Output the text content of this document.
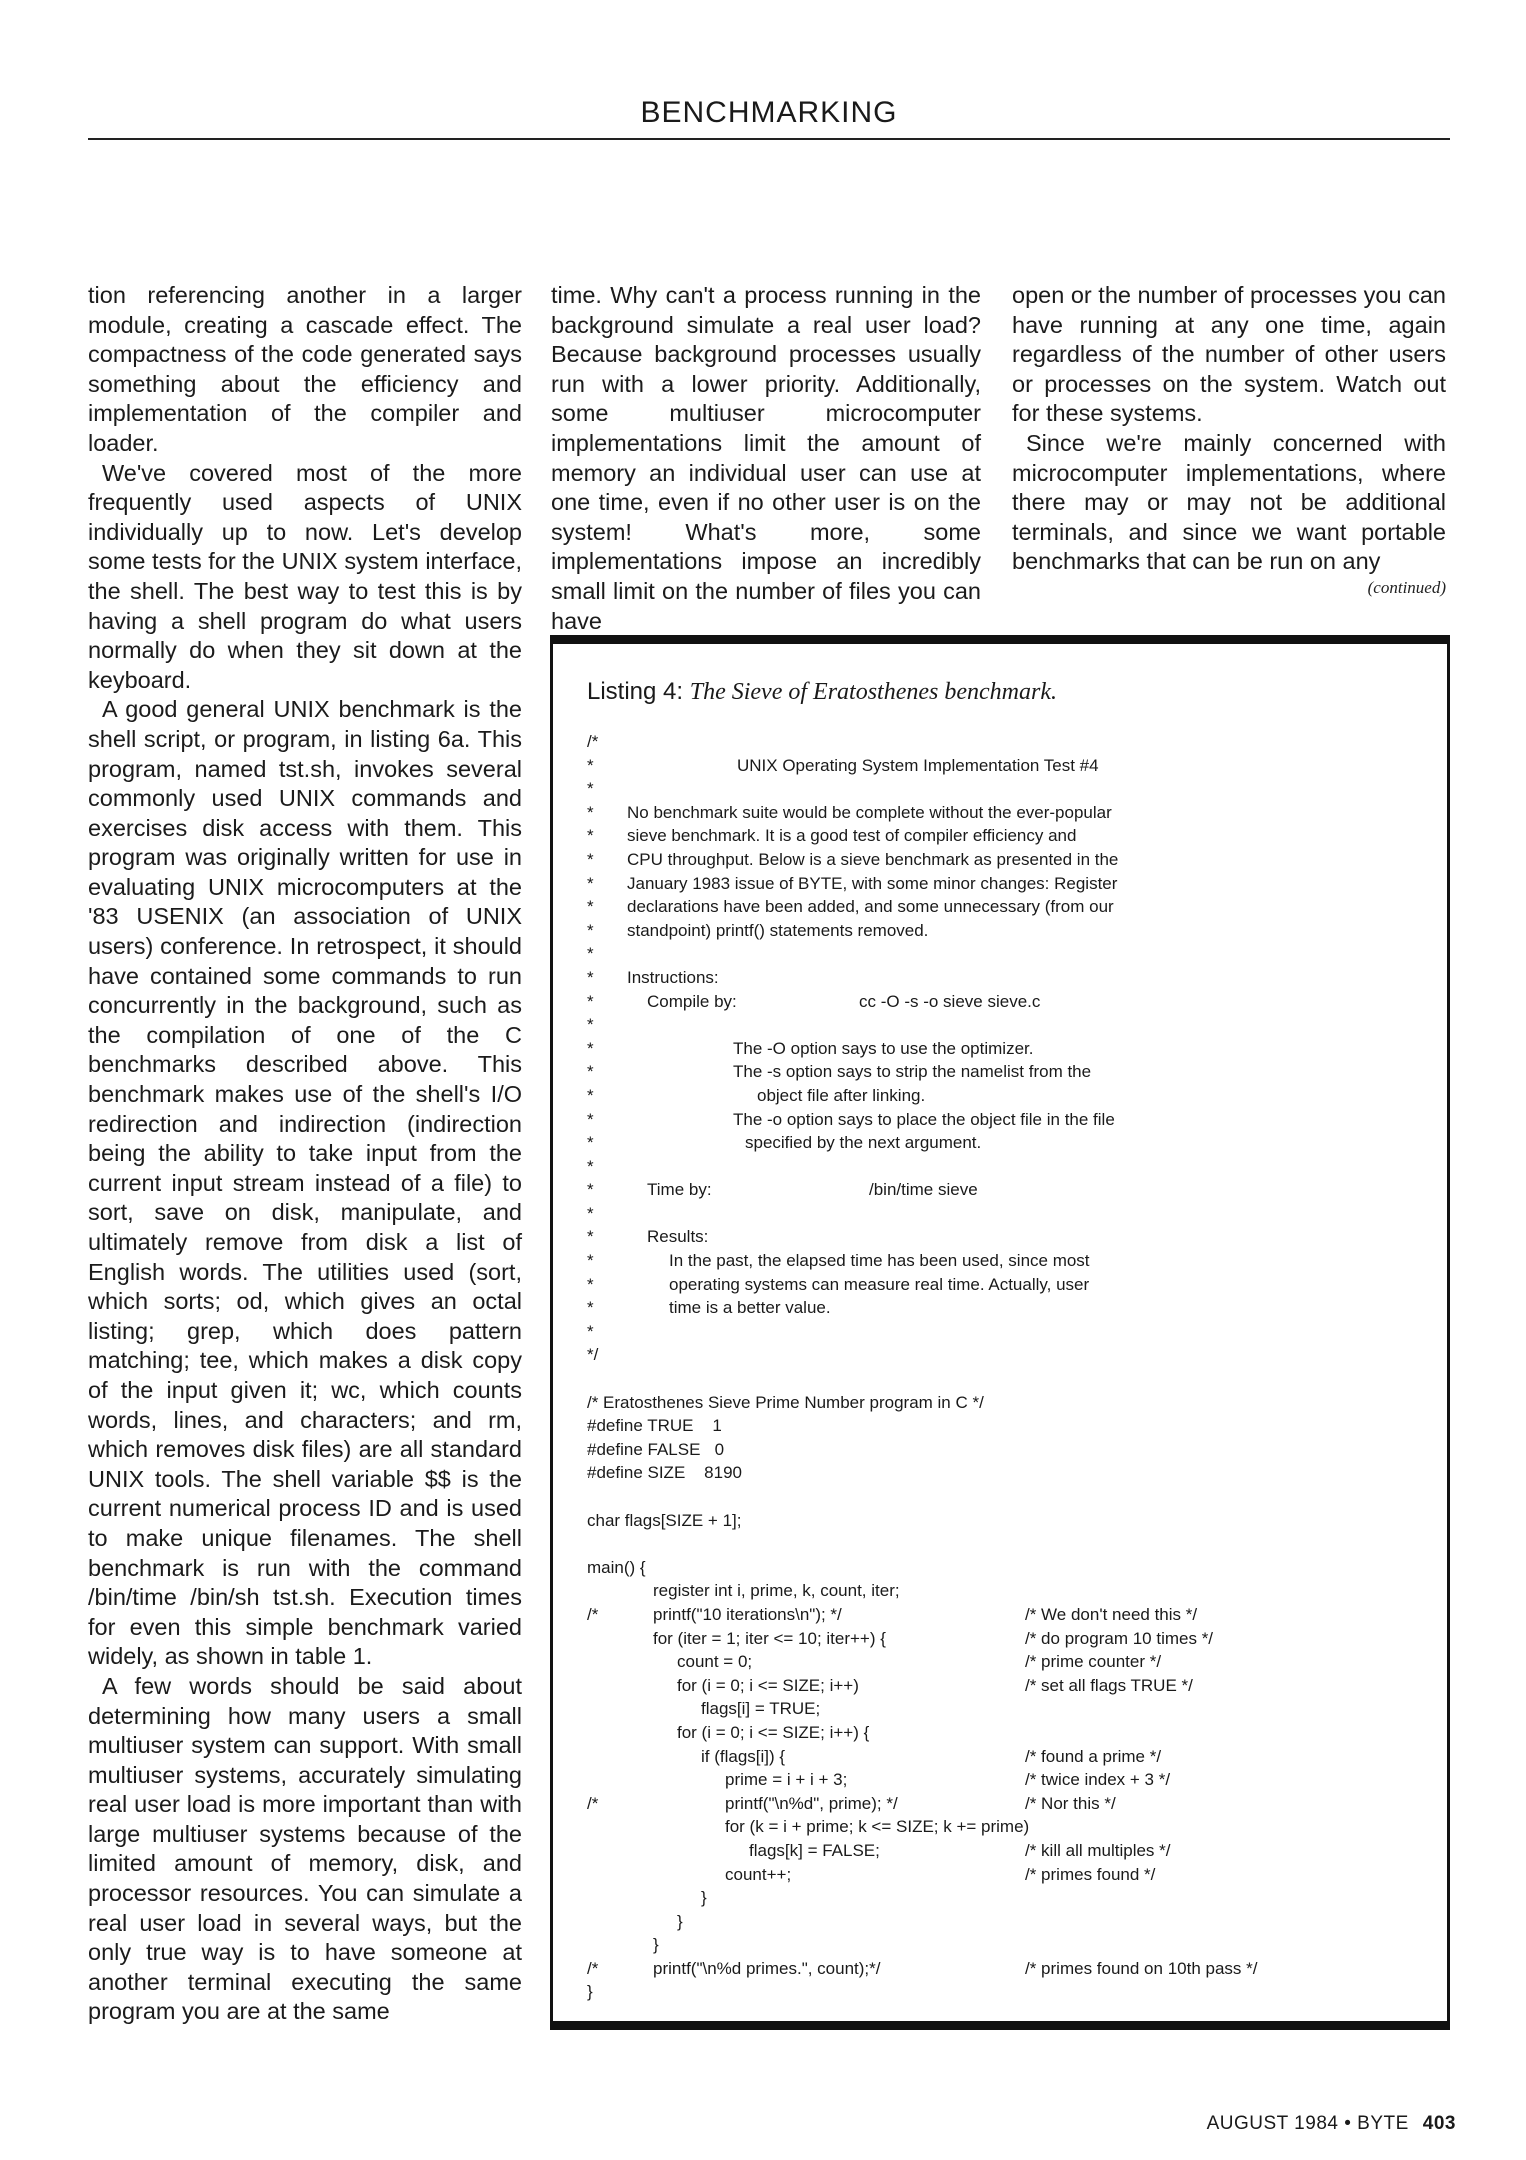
BENCHMARKING

tion referencing another in a larger module, creating a cascade effect. The compactness of the code generated says something about the efficiency and implementation of the compiler and loader.

We've covered most of the more frequently used aspects of UNIX individually up to now. Let's develop some tests for the UNIX system interface, the shell. The best way to test this is by having a shell program do what users normally do when they sit down at the keyboard.

A good general UNIX benchmark is the shell script, or program, in listing 6a. This program, named tst.sh, invokes several commonly used UNIX commands and exercises disk access with them. This program was originally written for use in evaluating UNIX microcomputers at the '83 USENIX (an association of UNIX users) conference. In retrospect, it should have contained some commands to run concurrently in the background, such as the compilation of one of the C benchmarks described above. This benchmark makes use of the shell's I/O redirection and indirection (indirection being the ability to take input from the current input stream instead of a file) to sort, save on disk, manipulate, and ultimately remove from disk a list of English words. The utilities used (sort, which sorts; od, which gives an octal listing; grep, which does pattern matching; tee, which makes a disk copy of the input given it; wc, which counts words, lines, and characters; and rm, which removes disk files) are all standard UNIX tools. The shell variable $$ is the current numerical process ID and is used to make unique filenames. The shell benchmark is run with the command /bin/time /bin/sh tst.sh. Execution times for even this simple benchmark varied widely, as shown in table 1.

A few words should be said about determining how many users a small multiuser system can support. With small multiuser systems, accurately simulating real user load is more important than with large multiuser systems because of the limited amount of memory, disk, and processor resources. You can simulate a real user load in several ways, but the only true way is to have someone at another terminal executing the same program you are at the same

time. Why can't a process running in the background simulate a real user load? Because background processes usually run with a lower priority. Additionally, some multiuser microcomputer implementations limit the amount of memory an individual user can use at one time, even if no other user is on the system! What's more, some implementations impose an incredibly small limit on the number of files you can have

open or the number of processes you can have running at any one time, again regardless of the number of other users or processes on the system. Watch out for these systems.

Since we're mainly concerned with microcomputer implementations, where there may or may not be additional terminals, and since we want portable benchmarks that can be run on any

(continued)
Listing 4: The Sieve of Eratosthenes benchmark.
/*
*	UNIX Operating System Implementation Test #4
*
* No benchmark suite would be complete without the ever-popular
* sieve benchmark. It is a good test of compiler efficiency and
* CPU throughput. Below is a sieve benchmark as presented in the
* January 1983 issue of BYTE, with some minor changes: Register
* declarations have been added, and some unnecessary (from our
* standpoint) printf() statements removed.
*
* Instructions:
*	Compile by:	cc -O -s -o sieve sieve.c
*
*	The -O option says to use the optimizer.
*	The -s option says to strip the namelist from the
*	object file after linking.
*	The -o option says to place the object file in the file
*	specified by the next argument.
*
*	Time by:	/bin/time sieve
*
*	Results:
*	In the past, the elapsed time has been used, since most
*	operating systems can measure real time. Actually, user
*	time is a better value.
*
*/
/* Eratosthenes Sieve Prime Number program in C */
#define TRUE    1
#define FALSE   0
#define SIZE    8190
char flags[SIZE + 1];
main() {
register int i, prime, k, count, iter;
/*	printf("10 iterations\n"); */	/* We don't need this */
for (iter = 1; iter <= 10; iter++) {	/* do program 10 times */
count = 0;	/* prime counter */
for (i = 0; i <= SIZE; i++)	/* set all flags TRUE */
flags[i] = TRUE;
for (i = 0; i <= SIZE; i++) {
if (flags[i]) {	/* found a prime */
prime = i + i + 3;	/* twice index + 3 */
/*	printf("\n%d", prime); */	/* Nor this */
for (k = i + prime; k <= SIZE; k += prime)
flags[k] = FALSE;	/* kill all multiples */
count++;	/* primes found */
}
}
}
/*	printf("\n%d primes.", count);*/	/* primes found on 10th pass */
}
AUGUST 1984 • BYTE 403
